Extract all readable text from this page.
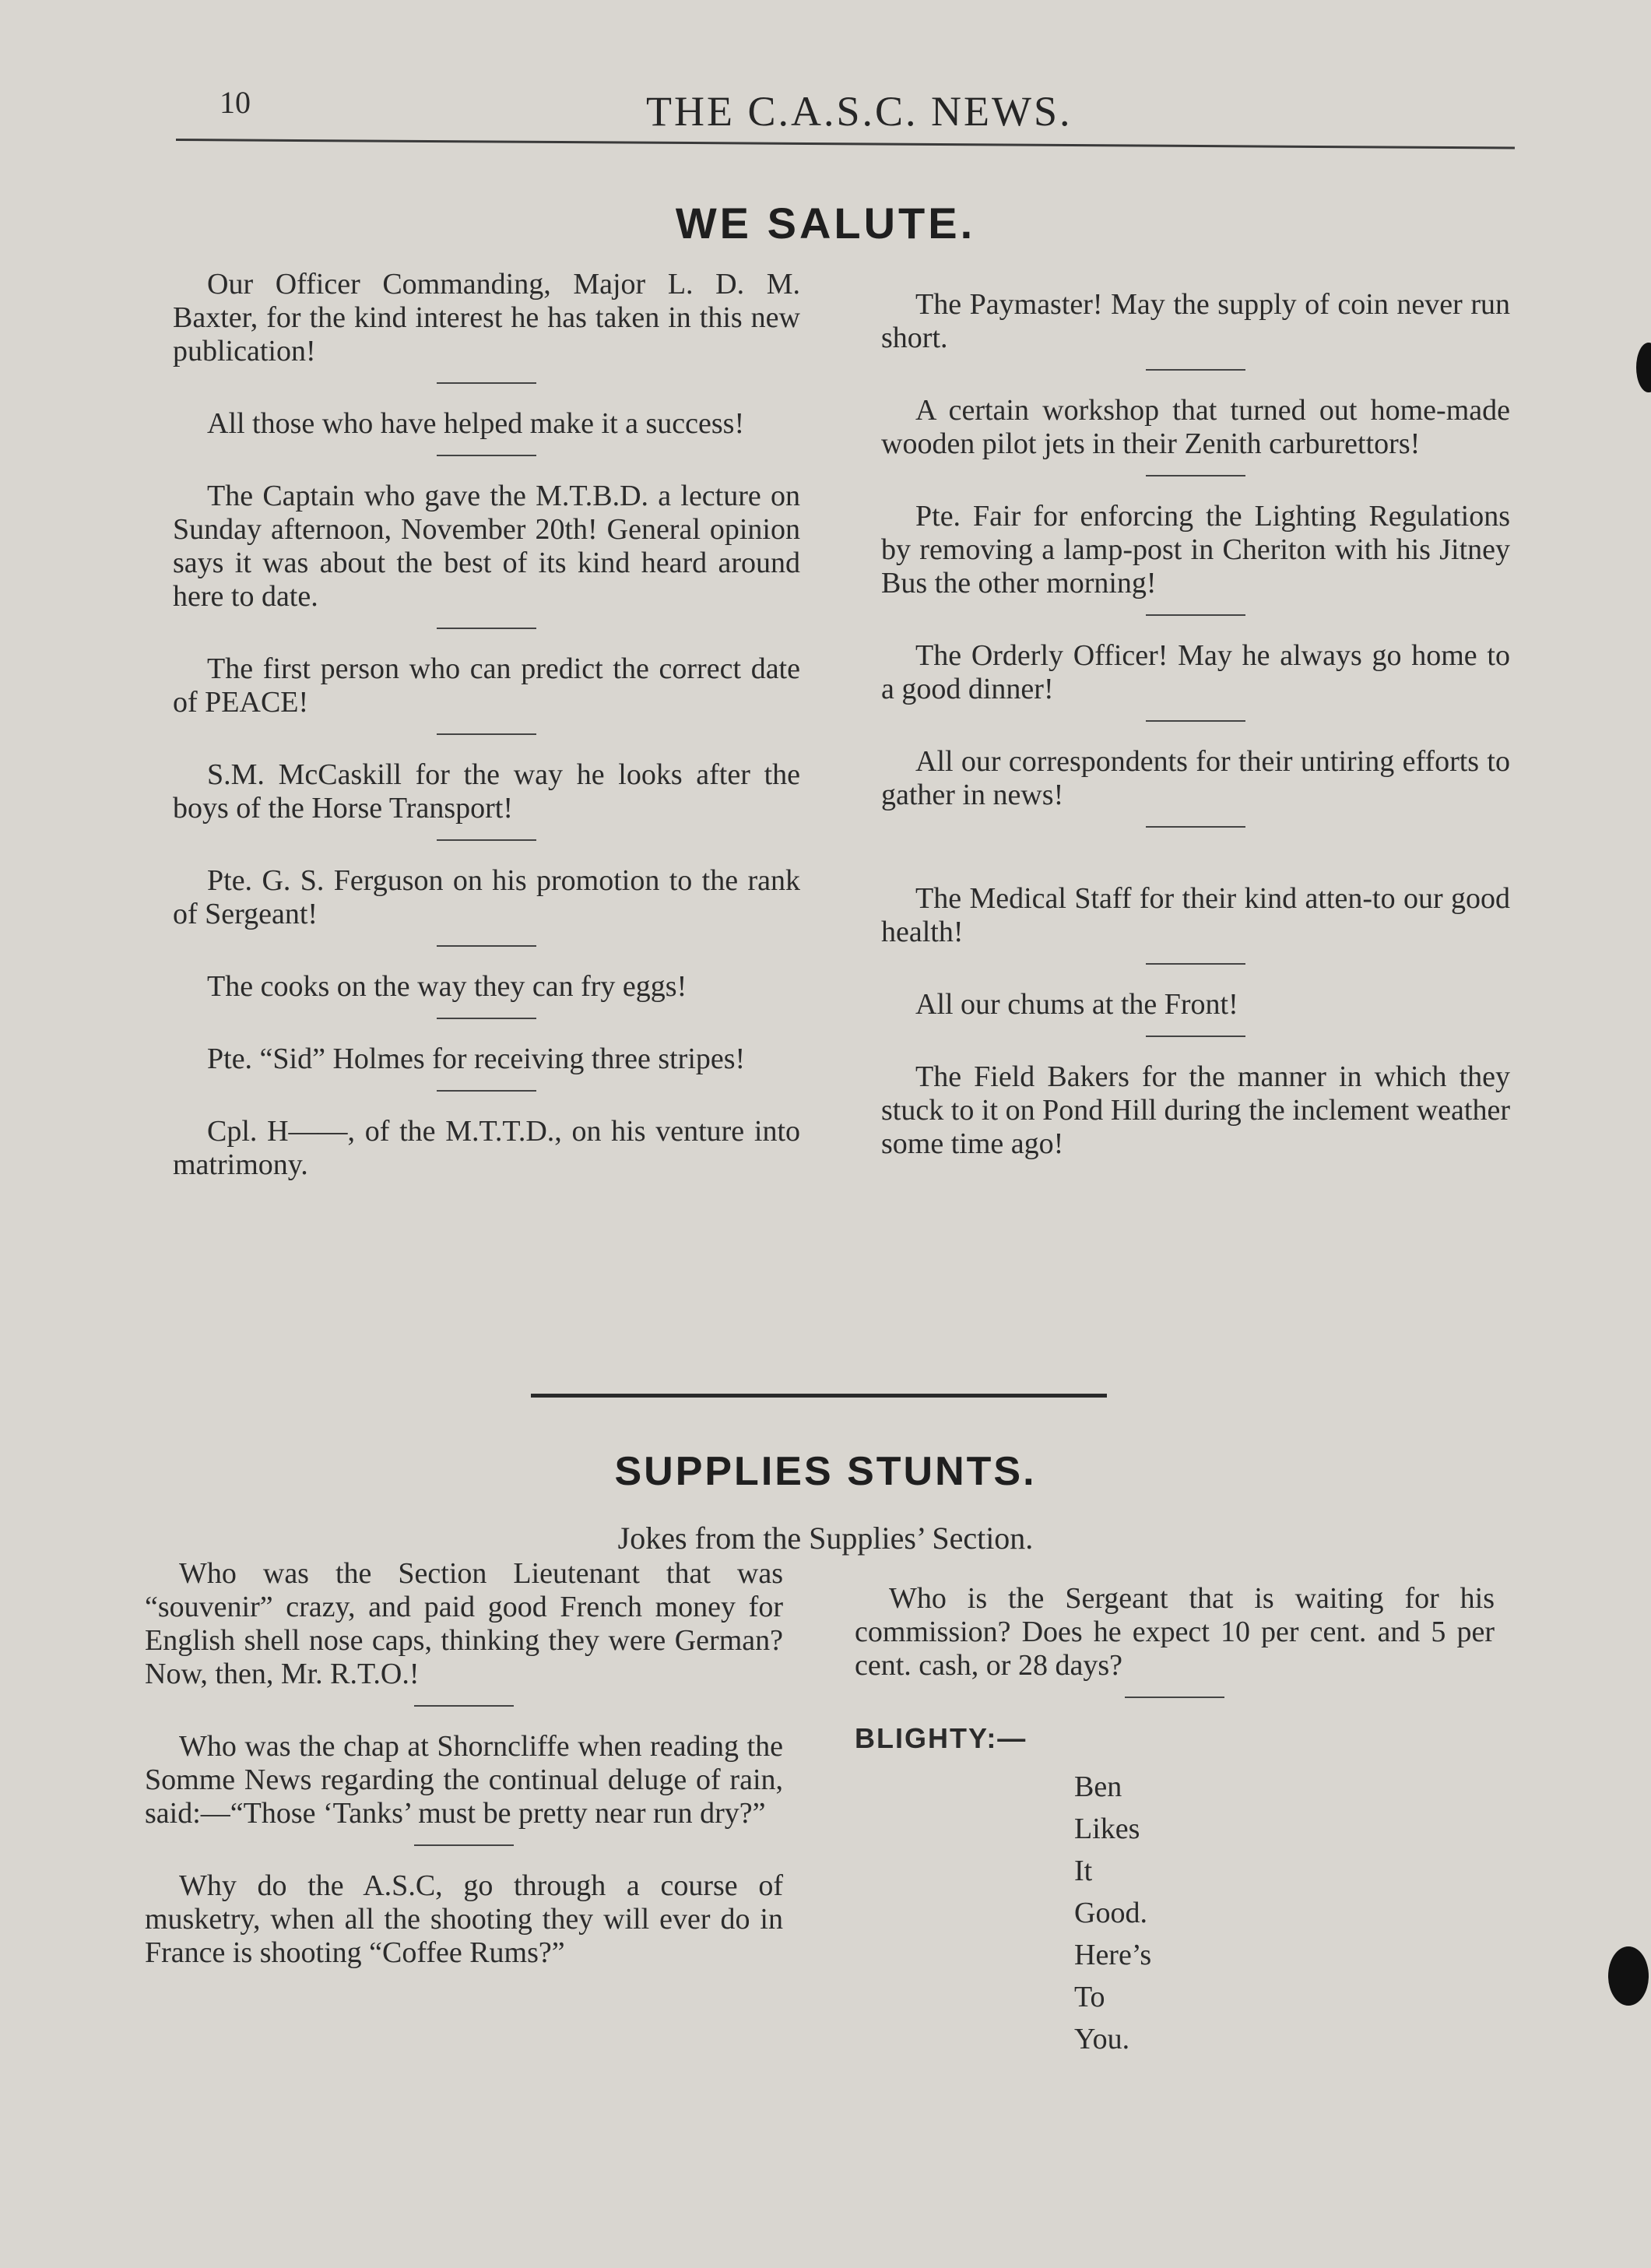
10	THE C.A.S.C. NEWS.
WE SALUTE.

Our Officer Commanding, Major L. D. M. Baxter, for the kind interest he has taken in this new publication!

All those who have helped make it a success!

The Captain who gave the M.T.B.D. a lecture on Sunday afternoon, November 20th! General opinion says it was about the best of its kind heard around here to date.

The first person who can predict the correct date of PEACE!

S.M. McCaskill for the way he looks after the boys of the Horse Transport!

Pte. G. S. Ferguson on his promotion to the rank of Sergeant!

The cooks on the way they can fry eggs!

Pte. “Sid” Holmes for receiving three stripes!

Cpl. H——, of the M.T.T.D., on his venture into matrimony.

The Paymaster! May the supply of coin never run short.

A certain workshop that turned out home-made wooden pilot jets in their Zenith carburettors!

Pte. Fair for enforcing the Lighting Regulations by removing a lamp-post in Cheriton with his Jitney Bus the other morning!

The Orderly Officer! May he always go home to a good dinner!

All our correspondents for their untiring efforts to gather in news!

The Medical Staff for their kind atten-to our good health!

All our chums at the Front!

The Field Bakers for the manner in which they stuck to it on Pond Hill during the inclement weather some time ago!

SUPPLIES STUNTS.
Jokes from the Supplies’ Section.

Who was the Section Lieutenant that was “souvenir” crazy, and paid good French money for English shell nose caps, thinking they were German? Now, then, Mr. R.T.O.!

Who was the chap at Shorncliffe when reading the Somme News regarding the continual deluge of rain, said:—“Those ‘Tanks’ must be pretty near run dry?”

Why do the A.S.C, go through a course of musketry, when all the shooting they will ever do in France is shooting “Coffee Rums?”

Who is the Sergeant that is waiting for his commission? Does he expect 10 per cent. and 5 per cent. cash, or 28 days?

BLIGHTY:—
Ben
Likes
It
Good.
Here’s
To
You.
